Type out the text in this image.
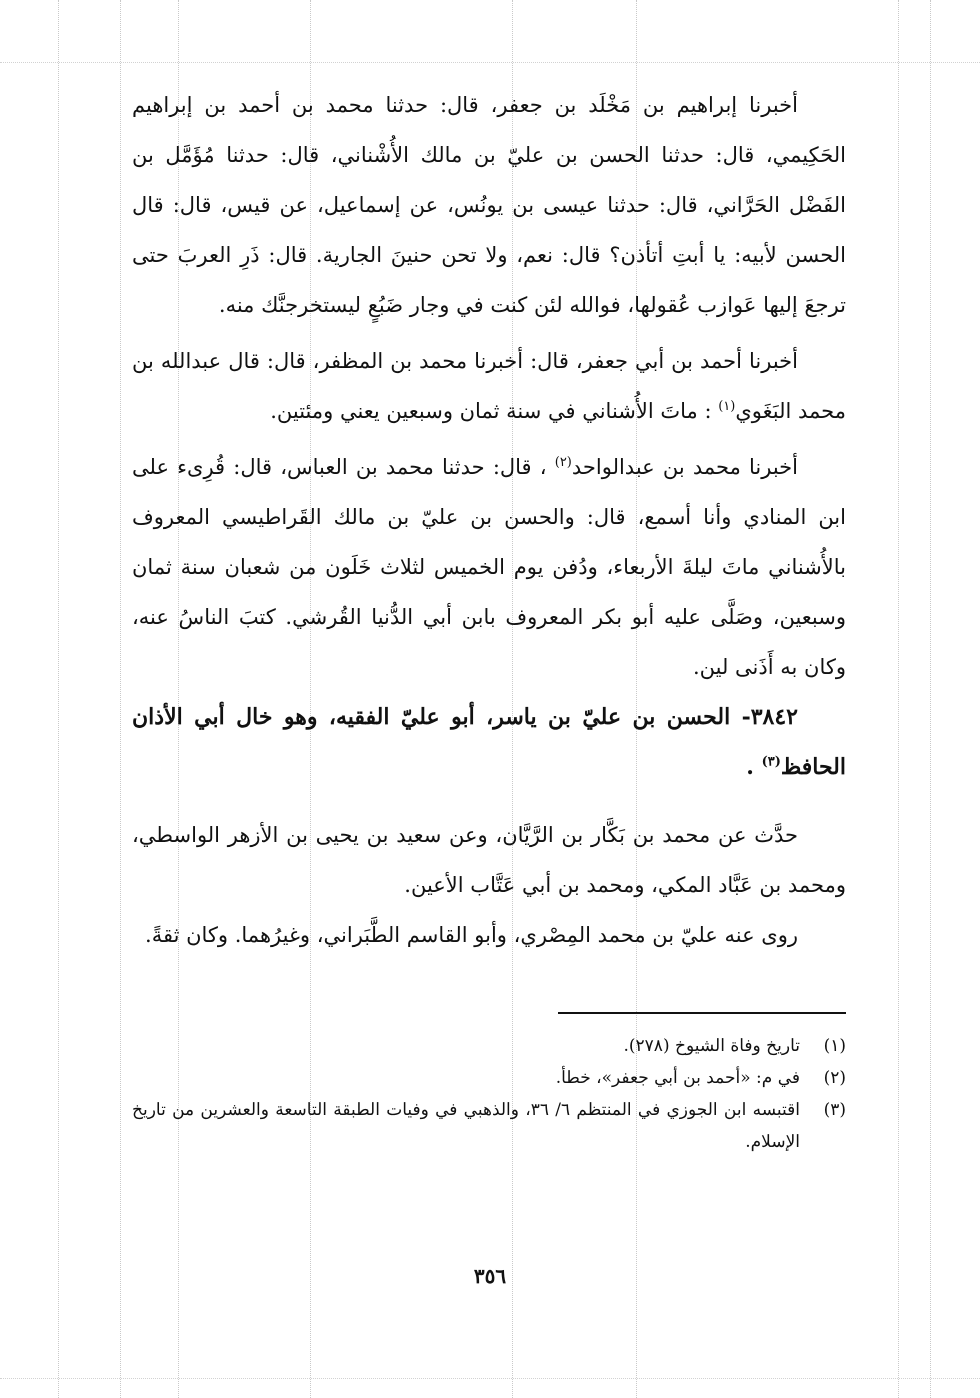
أخبرنا إبراهيم بن مَخْلَد بن جعفر، قال: حدثنا محمد بن أحمد بن إبراهيم الحَكِيمي، قال: حدثنا الحسن بن عليّ بن مالك الأُشْناني، قال: حدثنا مُؤَمَّل بن الفَضْل الحَرَّاني، قال: حدثنا عيسى بن يونُس، عن إسماعيل، عن قيس، قال: قال الحسن لأبيه: يا أبتِ أتأذن؟ قال: نعم، ولا تحن حنينَ الجارية. قال: ذَرِ العربَ حتى ترجعَ إليها عَوازب عُقولها، فوالله لئن كنت في وجار ضَبُعٍ ليستخرجنَّك منه.

أخبرنا أحمد بن أبي جعفر، قال: أخبرنا محمد بن المظفر، قال: قال عبدالله بن محمد البَغَوي$^{(١)}$ : ماتَ الأُشناني في سنة ثمان وسبعين يعني ومئتين.

أخبرنا محمد بن عبدالواحد$^{(٢)}$ ، قال: حدثنا محمد بن العباس، قال: قُرِىء على ابن المنادي وأنا أسمع، قال: والحسن بن عليّ بن مالك القَراطيسي المعروف بالأُشناني ماتَ ليلةَ الأربعاء، ودُفن يوم الخميس لثلاث خَلَون من شعبان سنة ثمان وسبعين، وصَلَّى عليه أبو بكر المعروف بابن أبي الدُّنيا القُرشي. كتبَ الناسُ عنه، وكان به أَذَنى لين.

٣٨٤٢- الحسن بن عليّ بن ياسر، أبو عليّ الفقيه، وهو خال أبي الأذان الحافظ$^{(٣)}$ .

حدَّث عن محمد بن بَكَّار بن الرَّيَّان، وعن سعيد بن يحيى بن الأزهر الواسطي، ومحمد بن عَبَّاد المكي، ومحمد بن أبي عَتَّاب الأعين.

روى عنه عليّ بن محمد المِصْري، وأبو القاسم الطَّبَراني، وغيرُهما. وكان ثقةً.

(١)
تاريخ وفاة الشيوخ (٢٧٨).
(٢)
في م: «أحمد بن أبي جعفر»، خطأ.
(٣)
اقتبسه ابن الجوزي في المنتظم ٦/ ٣٦، والذهبي في وفيات الطبقة التاسعة والعشرين من تاريخ الإسلام.
٣٥٦
